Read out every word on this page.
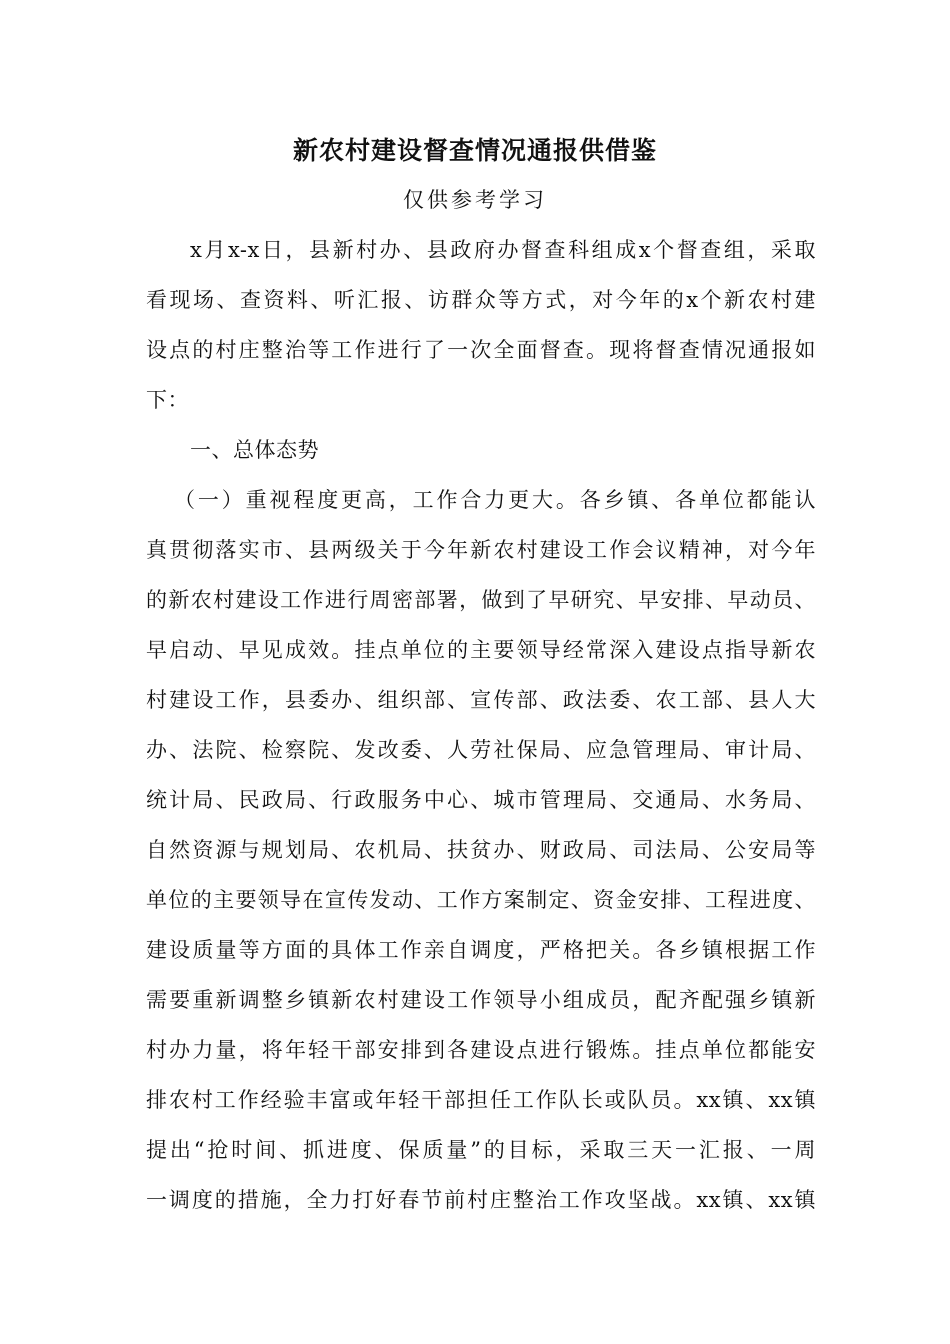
新农村建设督查情况通报供借鉴
仅供参考学习
x月x-x日，县新村办、县政府办督查科组成x个督查组，采取
看现场、查资料、听汇报、访群众等方式，对今年的x个新农村建
设点的村庄整治等工作进行了一次全面督查。现将督查情况通报如
下：
一、总体态势
（一）重视程度更高，工作合力更大。各乡镇、各单位都能认
真贯彻落实市、县两级关于今年新农村建设工作会议精神，对今年
的新农村建设工作进行周密部署，做到了早研究、早安排、早动员、
早启动、早见成效。挂点单位的主要领导经常深入建设点指导新农
村建设工作，县委办、组织部、宣传部、政法委、农工部、县人大
办、法院、检察院、发改委、人劳社保局、应急管理局、审计局、
统计局、民政局、行政服务中心、城市管理局、交通局、水务局、
自然资源与规划局、农机局、扶贫办、财政局、司法局、公安局等
单位的主要领导在宣传发动、工作方案制定、资金安排、工程进度、
建设质量等方面的具体工作亲自调度，严格把关。各乡镇根据工作
需要重新调整乡镇新农村建设工作领导小组成员，配齐配强乡镇新
村办力量，将年轻干部安排到各建设点进行锻炼。挂点单位都能安
排农村工作经验丰富或年轻干部担任工作队长或队员。xx镇、xx镇
提出“抢时间、抓进度、保质量”的目标，采取三天一汇报、一周
一调度的措施，全力打好春节前村庄整治工作攻坚战。xx镇、xx镇
